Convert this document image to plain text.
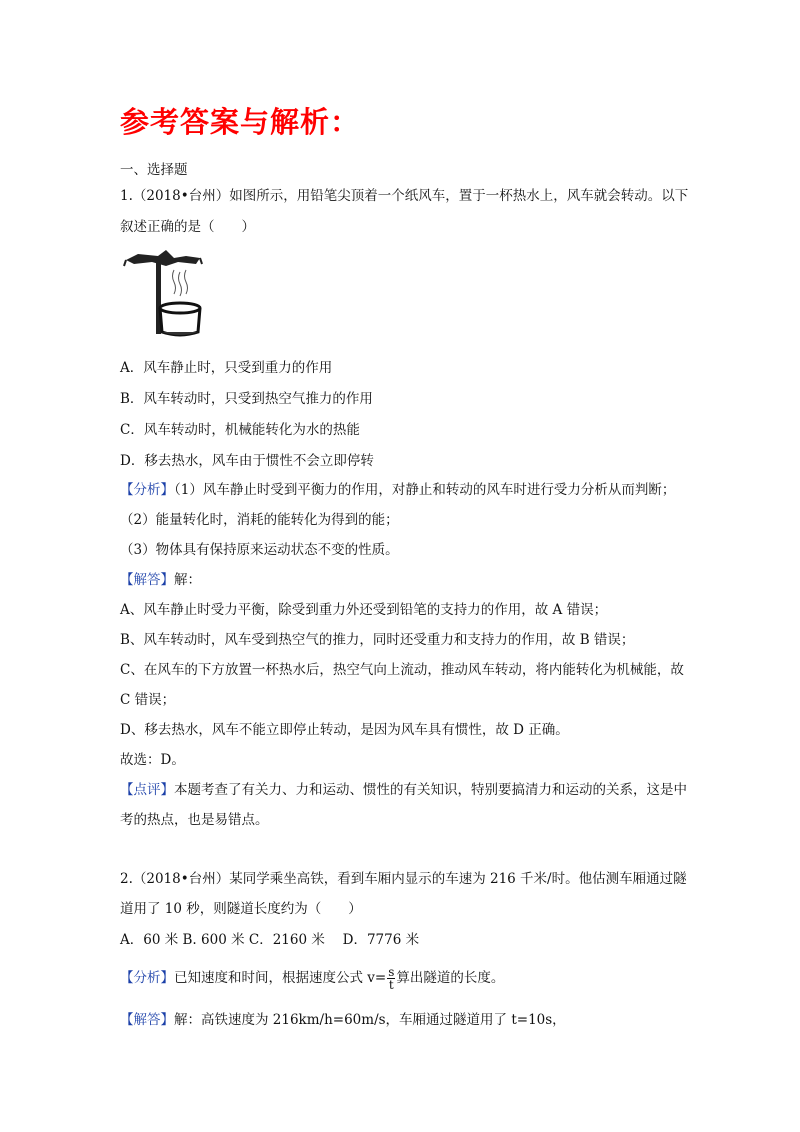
参考答案与解析：
一、选择题
1.（2018•台州）如图所示，用铅笔尖顶着一个纸风车，置于一杯热水上，风车就会转动。以下
叙述正确的是（　　）
A．风车静止时，只受到重力的作用
B．风车转动时，只受到热空气推力的作用
C．风车转动时，机械能转化为水的热能
D．移去热水，风车由于惯性不会立即停转
【分析】（1）风车静止时受到平衡力的作用，对静止和转动的风车时进行受力分析从而判断；
（2）能量转化时，消耗的能转化为得到的能；
（3）物体具有保持原来运动状态不变的性质。
【解答】解：
A、风车静止时受力平衡，除受到重力外还受到铅笔的支持力的作用，故 A 错误；
B、风车转动时，风车受到热空气的推力，同时还受重力和支持力的作用，故 B 错误；
C、在风车的下方放置一杯热水后，热空气向上流动，推动风车转动，将内能转化为机械能，故
C 错误；
D、移去热水，风车不能立即停止转动，是因为风车具有惯性，故 D 正确。
故选：D。
【点评】本题考查了有关力、力和运动、惯性的有关知识，特别要搞清力和运动的关系，这是中
考的热点，也是易错点。
2.（2018•台州）某同学乘坐高铁，看到车厢内显示的车速为 216 千米/时。他估测车厢通过隧
道用了 10 秒，则隧道长度约为（　　）
A．60 米 B. 600 米 C．2160 米　 D．7776 米
【分析】已知速度和时间，根据速度公式 $v= \frac{s}{t}$ 算出隧道的长度。
【解答】解：高铁速度为 216km/h=60m/s，车厢通过隧道用了 t=10s，
